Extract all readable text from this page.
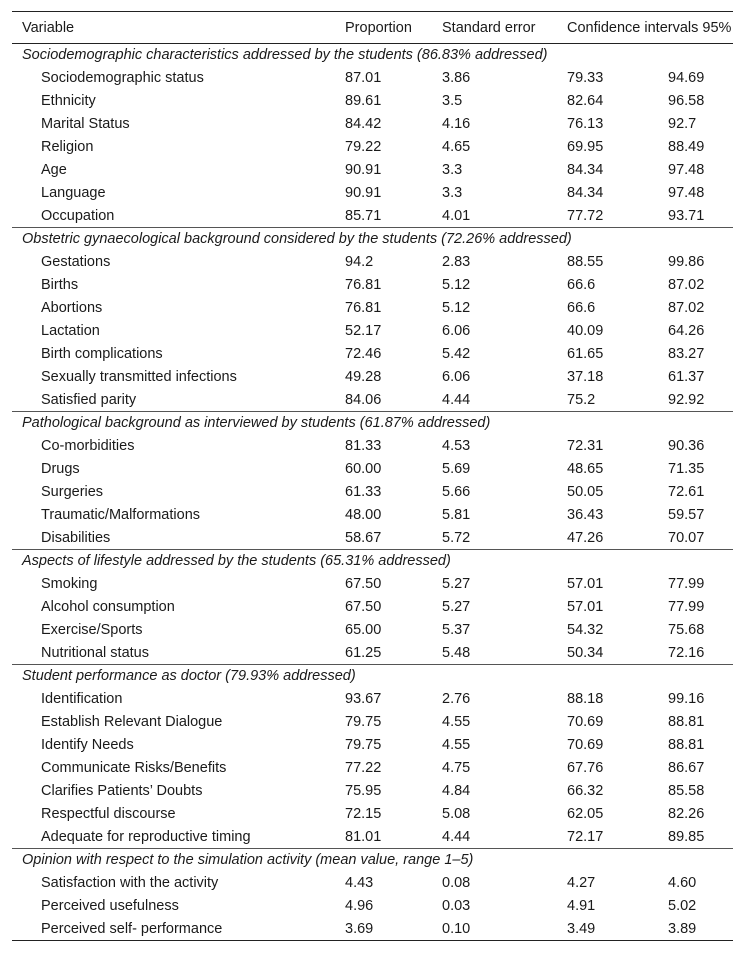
Variable	Proportion	Standard error	Confidence intervals 95%	
Sociodemographic characteristics addressed by the students (86.83% addressed)				
Sociodemographic status	87.01	3.86	79.33	94.69
Ethnicity	89.61	3.5	82.64	96.58
Marital Status	84.42	4.16	76.13	92.7
Religion	79.22	4.65	69.95	88.49
Age	90.91	3.3	84.34	97.48
Language	90.91	3.3	84.34	97.48
Occupation	85.71	4.01	77.72	93.71
Obstetric gynaecological background considered by the students (72.26% addressed)				
Gestations	94.2	2.83	88.55	99.86
Births	76.81	5.12	66.6	87.02
Abortions	76.81	5.12	66.6	87.02
Lactation	52.17	6.06	40.09	64.26
Birth complications	72.46	5.42	61.65	83.27
Sexually transmitted infections	49.28	6.06	37.18	61.37
Satisfied parity	84.06	4.44	75.2	92.92
Pathological background as interviewed by students (61.87% addressed)				
Co-morbidities	81.33	4.53	72.31	90.36
Drugs	60.00	5.69	48.65	71.35
Surgeries	61.33	5.66	50.05	72.61
Traumatic/Malformations	48.00	5.81	36.43	59.57
Disabilities	58.67	5.72	47.26	70.07
Aspects of lifestyle addressed by the students (65.31% addressed)				
Smoking	67.50	5.27	57.01	77.99
Alcohol consumption	67.50	5.27	57.01	77.99
Exercise/Sports	65.00	5.37	54.32	75.68
Nutritional status	61.25	5.48	50.34	72.16
Student performance as doctor (79.93% addressed)				
Identification	93.67	2.76	88.18	99.16
Establish Relevant Dialogue	79.75	4.55	70.69	88.81
Identify Needs	79.75	4.55	70.69	88.81
Communicate Risks/Benefits	77.22	4.75	67.76	86.67
Clarifies Patients’ Doubts	75.95	4.84	66.32	85.58
Respectful discourse	72.15	5.08	62.05	82.26
Adequate for reproductive timing	81.01	4.44	72.17	89.85
Opinion with respect to the simulation activity (mean value, range 1–5)				
Satisfaction with the activity	4.43	0.08	4.27	4.60
Perceived usefulness	4.96	0.03	4.91	5.02
Perceived self- performance	3.69	0.10	3.49	3.89
